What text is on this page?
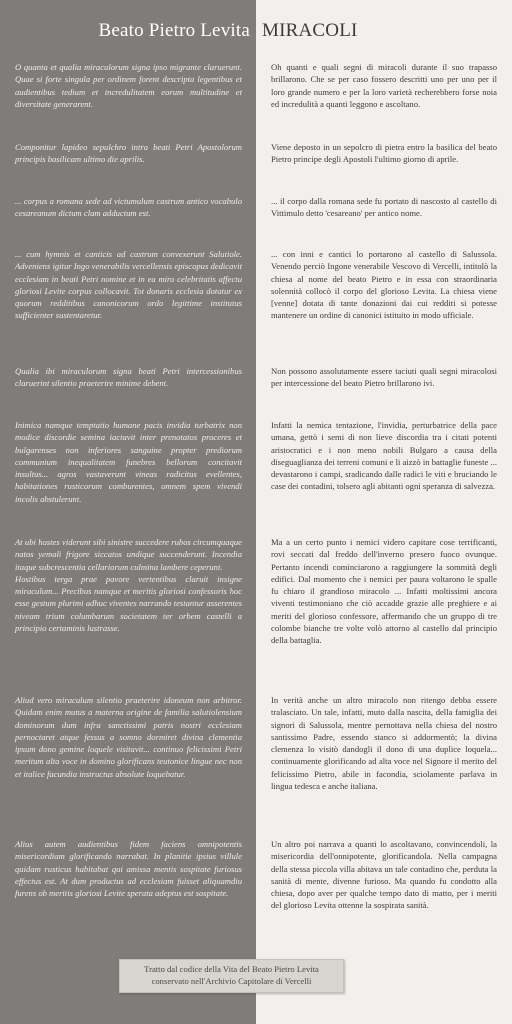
Beato Pietro Levita MIRACOLI
O quanta et qualia miraculorum signa ipso migrante claruerunt. Quae si forte singula per ordinem forent descripta legentibus et audientibus tedium et incredulitatem eorum multitudine et diversitate generarent.
Componitur lapideo sepulchro intra beati Petri Apostolorum principis basilicam ultimo die aprilis.
... corpus a romana sede ad victumulum castrum antico vocabulo cesareanum dictum clam adductum est.
... cum hymnis et canticis ad castrum convexerunt Salutiole. Adveniens igitur Ingo venerabilis vercellensis episcopus dedicavit ecclesiam in beati Petri nomine et in ea miro celebritatis affectu gloriosi Levite corpus collocavit. Tot donaris ecclesia dotatur ex quorum redditibus canonicorum ordo legittime institutus sufficienter sustentaretur.
Qualia ibi miraculorum signa beati Petri intercessionibus claruerint silentio praeterire minime debent.
Inimica namque temptatio humane pacis invidia turbatrix non modice discordie semina iactavit inter prenotatos proceres et bulgarenses non inferiores sanguine propter prediorum communium inequalitatem funebres bellorum concitavit insultus... agros vastaverunt vineas radicitus evellentes, habitationes rusticorum comburentes, omnem spem vivendi incolis abstulerunt.
At ubi hostes viderunt sibi sinistre succedere rubos circumquaque natos yemali frigore siccatos undique succenderunt. Incendia itaque subcrescentia cellariorum culmina lambere ceperunt.
Hostibus terga prae pavore vertentibus claruit insigne miraculum... Precibus namque et meritis gloriosi confessoris hoc esse gestum plurimi adhuc viventes narrando testantur asserentes niveam trium columbarum societatem ter orbem castelli a principio certaminis lustrasse.
Aliud vero miraculum silentio praeterire idoneum non arbitror. Quidam enim mutus a materna origine de familia salutiolensium dominorum dum infra sanctissimi patris nostri ecclesiam pernoctaret atque fessus a somno dormiret divina clementia ipsum dono gemine loquele visitavit... continuo felicissimi Petri meritum alta voce in domino glorificans teutonice lingue nec non et italice facundia instructus absolute loquebatur.
Alius autem audientibus fidem faciens omnipotentis misericordiam glorificando narrabat. In planitie ipsius villule quidam rusticus habitabat qui amissa mentis sospitate furiosus effectus est. At dum productus ad ecclesiam fuisset aliquamdiu furens ob meritis gloriosi Levite sperata adeptus est sospitate.
Oh quanti e quali segni di miracoli durante il suo trapasso brillarono. Che se per caso fossero descritti uno per uno per il loro grande numero e per la loro varietà recherebbero forse noia ed incredulità a quanti leggono e ascoltano.
Viene deposto in un sepolcro di pietra entro la basilica del beato Pietro principe degli Apostoli l'ultimo giorno di aprile.
... il corpo dalla romana sede fu portato di nascosto al castello di Vittimulo detto 'cesareano' per antico nome.
... con inni e cantici lo portarono al castello di Salussola. Venendo perciò Ingone venerabile Vescovo di Vercelli, intitolò la chiesa al nome del beato Pietro e in essa con straordinaria solennità collocò il corpo del glorioso Levita. La chiesa viene [venne] dotata di tante donazioni dai cui redditi si potesse mantenere un ordine di canonici istituito in modo ufficiale.
Non possono assolutamente essere taciuti quali segni miracolosi per intercessione del beato Pietro brillarono ivi.
Infatti la nemica tentazione, l'invidia, perturbatrice della pace umana, gettò i semi di non lieve discordia tra i citati potenti aristocratici e i non meno nobili Bulgaro a causa della diseguaglianza dei terreni comuni e li aizzò in battaglie funeste ... devastarono i campi, sradicando dalle radici le viti e bruciando le case dei contadini, tolsero agli abitanti ogni speranza di salvezza.
Ma a un certo punto i nemici videro capitare cose terrificanti, rovi seccati dal freddo dell'inverno presero fuoco ovunque. Pertanto incendi cominciarono a raggiungere la sommità degli edifici. Dal momento che i nemici per paura voltarono le spalle fu chiaro il grandioso miracolo ... Infatti moltissimi ancora viventi testimoniano che ciò accadde grazie alle preghiere e ai meriti del glorioso confessore, affermando che un gruppo di tre colombe bianche tre volte volò attorno al castello dal principio della battaglia.
In verità anche un altro miracolo non ritengo debba essere tralasciato. Un tale, infatti, muto dalla nascita, della famiglia dei signori di Salussola, mentre pernottava nella chiesa del nostro santissimo Padre, essendo stanco si addormentò; la divina clemenza lo visitò dandogli il dono di una duplice loquela... continuamente glorificando ad alta voce nel Signore il merito del felicissimo Pietro, abile in facondia, sciolamente parlava in lingua tedesca e anche italiana.
Un altro poi narrava a quanti lo ascoltavano, convincendoli, la misericordia dell'onnipotente, glorificandola. Nella campagna della stessa piccola villa abitava un tale contadino che, perduta la sanità di mente, divenne furioso. Ma quando fu condotto alla chiesa, dopo aver per qualche tempo dato di matto, per i meriti del glorioso Levita ottenne la sospirata sanità.
Tratto dal codice della Vita del Beato Pietro Levita
conservato nell'Archivio Capitolare di Vercelli
